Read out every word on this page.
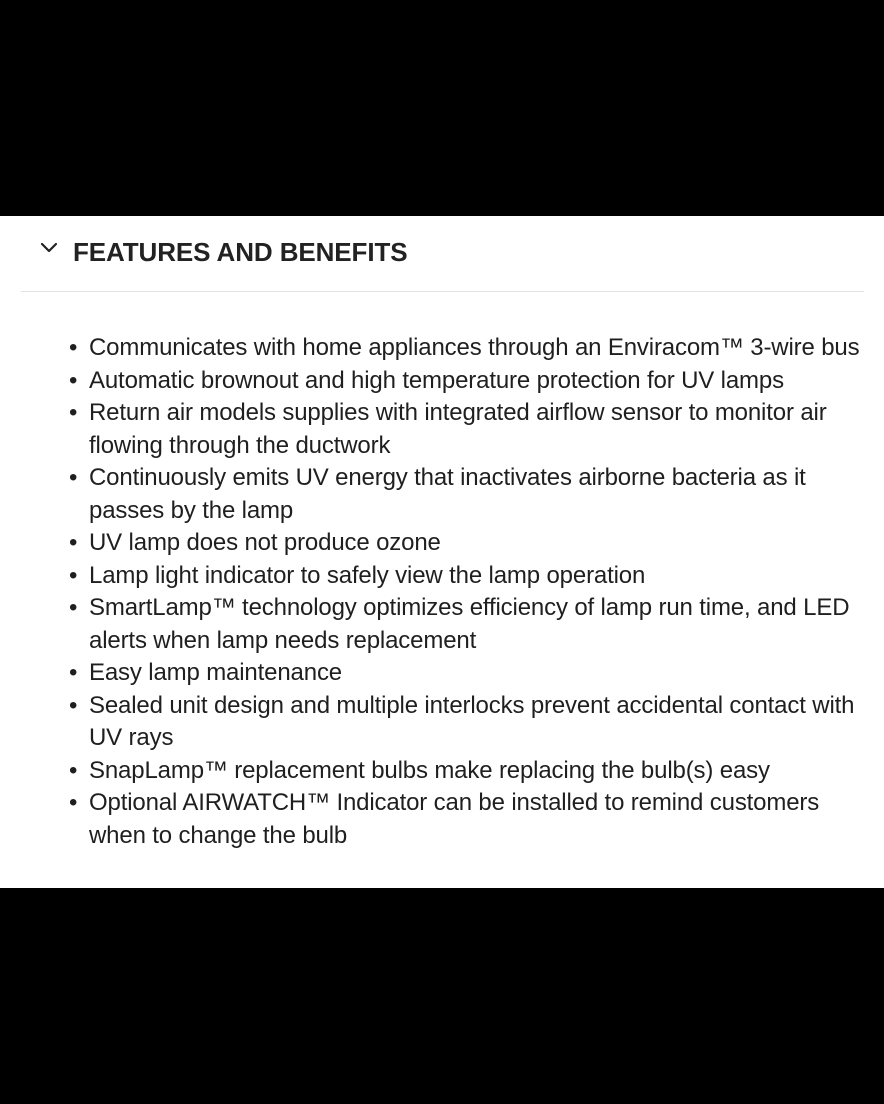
FEATURES AND BENEFITS
• Communicates with home appliances through an Enviracom™ 3-wire bus
• Automatic brownout and high temperature protection for UV lamps
• Return air models supplies with integrated airflow sensor to monitor air flowing through the ductwork
• Continuously emits UV energy that inactivates airborne bacteria as it passes by the lamp
• UV lamp does not produce ozone
• Lamp light indicator to safely view the lamp operation
• SmartLamp™ technology optimizes efficiency of lamp run time, and LED alerts when lamp needs replacement
• Easy lamp maintenance
• Sealed unit design and multiple interlocks prevent accidental contact with UV rays
• SnapLamp™ replacement bulbs make replacing the bulb(s) easy
• Optional AIRWATCH™ Indicator can be installed to remind customers when to change the bulb
